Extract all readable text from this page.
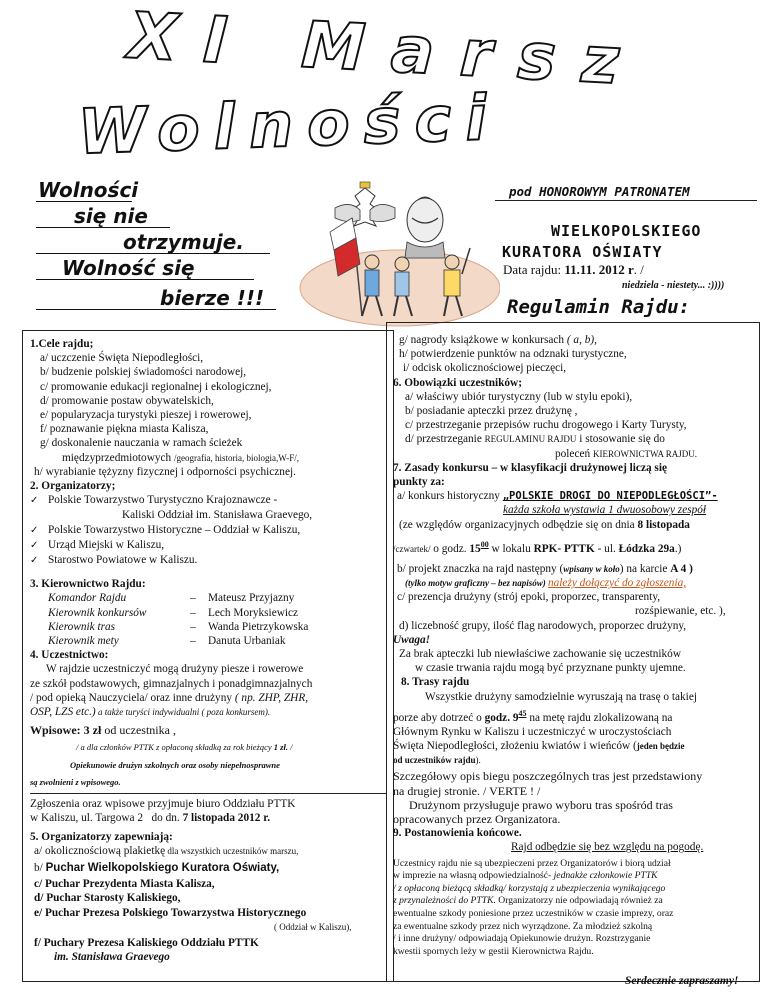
XI Marsz
Wolności
Wolności
się nie
otrzymuje.
Wolność się
bierze !!!
pod HONOROWYM PATRONATEM
WIELKOPOLSKIEGO
KURATORA OŚWIATY
Data rajdu: 11.11. 2012 r. /
niedziela - niestety... :))))
Regulamin Rajdu:

1.Cele rajdu;

a/ uczczenie Święta Niepodległości,

b/ budzenie polskiej świadomości narodowej,

c/ promowanie edukacji regionalnej i ekologicznej,

d/ promowanie postaw obywatelskich,

e/ popularyzacja turystyki pieszej i rowerowej,

f/ poznawanie piękna miasta Kalisza,

g/ doskonalenie nauczania w ramach ścieżek

międzyprzedmiotowych /geografia, historia, biologia,W-F/,

h/ wyrabianie tężyzny fizycznej i odporności psychicznej.

2. Organizatorzy;

✓ Polskie Towarzystwo Turystyczno Krajoznawcze -

Kaliski Oddział im. Stanisława Graevego,

✓ Polskie Towarzystwo Historyczne – Oddział w Kaliszu,

✓ Urząd Miejski w Kaliszu,

✓ Starostwo Powiatowe w Kaliszu.

3. Kierownictwo Rajdu:

Komandor Rajdu	–	Mateusz Przyjazny

Kierownik konkursów	–	Lech Moryksiewicz

Kierownik tras	–	Wanda Pietrzykowska

Kierownik mety	–	Danuta Urbaniak

4. Uczestnictwo:

W rajdzie uczestniczyć mogą drużyny piesze i rowerowe

ze szkół podstawowych, gimnazjalnych i ponadgimnazjalnych

/ pod opieką Nauczyciela/ oraz inne drużyny ( np. ZHP, ZHR,

OSP, LZS etc.) a także turyści indywidualni ( poza konkursem).

Wpisowe: 3 zł od uczestnika ,

/ a dla członków PTTK z opłaconą składką za rok bieżący 1 zł. /

Opiekunowie drużyn szkolnych oraz osoby niepełnosprawne

są zwolnieni z wpisowego.

Zgłoszenia oraz wpisowe przyjmuje biuro Oddziału PTTK

w Kaliszu, ul. Targowa 2 do dn. 7 listopada 2012 r.

5. Organizatorzy zapewniają:

a/ okolicznościową plakietkę dla wszystkich uczestników marszu,

b/ Puchar Wielkopolskiego Kuratora Oświaty,

c/ Puchar Prezydenta Miasta Kalisza,

d/ Puchar Starosty Kaliskiego,

e/ Puchar Prezesa Polskiego Towarzystwa Historycznego

( Oddział w Kaliszu),

f/ Puchary Prezesa Kaliskiego Oddziału PTTK

im. Stanisława Graevego

g/ nagrody książkowe w konkursach ( a, b),

h/ potwierdzenie punktów na odznaki turystyczne,

i/ odcisk okolicznościowej pieczęci,

6. Obowiązki uczestników;

a/ właściwy ubiór turystyczny (lub w stylu epoki),

b/ posiadanie apteczki przez drużynę ,

c/ przestrzeganie przepisów ruchu drogowego i Karty Turysty,

d/ przestrzeganie REGULAMINU RAJDU i stosowanie się do

poleceń KIEROWNICTWA RAJDU.

7. Zasady konkursu – w klasyfikacji drużynowej liczą się

punkty za:

a/ konkurs historyczny „POLSKIE DROGI DO NIEPODLEGŁOŚCI”-

każda szkoła wystawia 1 dwuosobowy zespół

(ze względów organizacyjnych odbędzie się on dnia 8 listopada

/czwartek/ o godz. $15^{00}$ w lokalu RPK- PTTK - ul. Łódzka 29a.)

b/ projekt znaczka na rajd następny (wpisany w koło) na karcie A 4 )

(tylko motyw graficzny – bez napisów) należy dołączyć do zgłoszenia,

c/ prezencja drużyny (strój epoki, proporzec, transparenty,

rozśpiewanie, etc. ),

d) liczebność grupy, ilość flag narodowych, proporzec drużyny,

Uwaga!

Za brak apteczki lub niewłaściwe zachowanie się uczestników

w czasie trwania rajdu mogą być przyznane punkty ujemne.

8. Trasy rajdu

Wszystkie drużyny samodzielnie wyruszają na trasę o takiej

porze aby dotrzeć o godz. $9^{45}$ na metę rajdu zlokalizowaną na

Głównym Rynku w Kaliszu i uczestniczyć w uroczystościach

Święta Niepodległości, złożeniu kwiatów i wieńców (jeden będzie

od uczestników rajdu).

Szczegółowy opis biegu poszczególnych tras jest przedstawiony

na drugiej stronie. / VERTE ! /

Drużynom przysługuje prawo wyboru tras spośród tras

opracowanych przez Organizatora.

9. Postanowienia końcowe.

Rajd odbędzie się bez względu na pogodę.

Uczestnicy rajdu nie są ubezpieczeni przez Organizatorów i biorą udział

w imprezie na własną odpowiedzialność- jednakże członkowie PTTK

/ z opłaconą bieżącą składką/ korzystają z ubezpieczenia wynikającego

z przynależności do PTTK. Organizatorzy nie odpowiadają również za

ewentualne szkody poniesione przez uczestników w czasie imprezy, oraz

za ewentualne szkody przez nich wyrządzone. Za młodzież szkolną

/ i inne drużyny/ odpowiadają Opiekunowie drużyn. Rozstrzyganie

kwestii spornych leży w gestii Kierownictwa Rajdu.

Serdecznie zapraszamy!
